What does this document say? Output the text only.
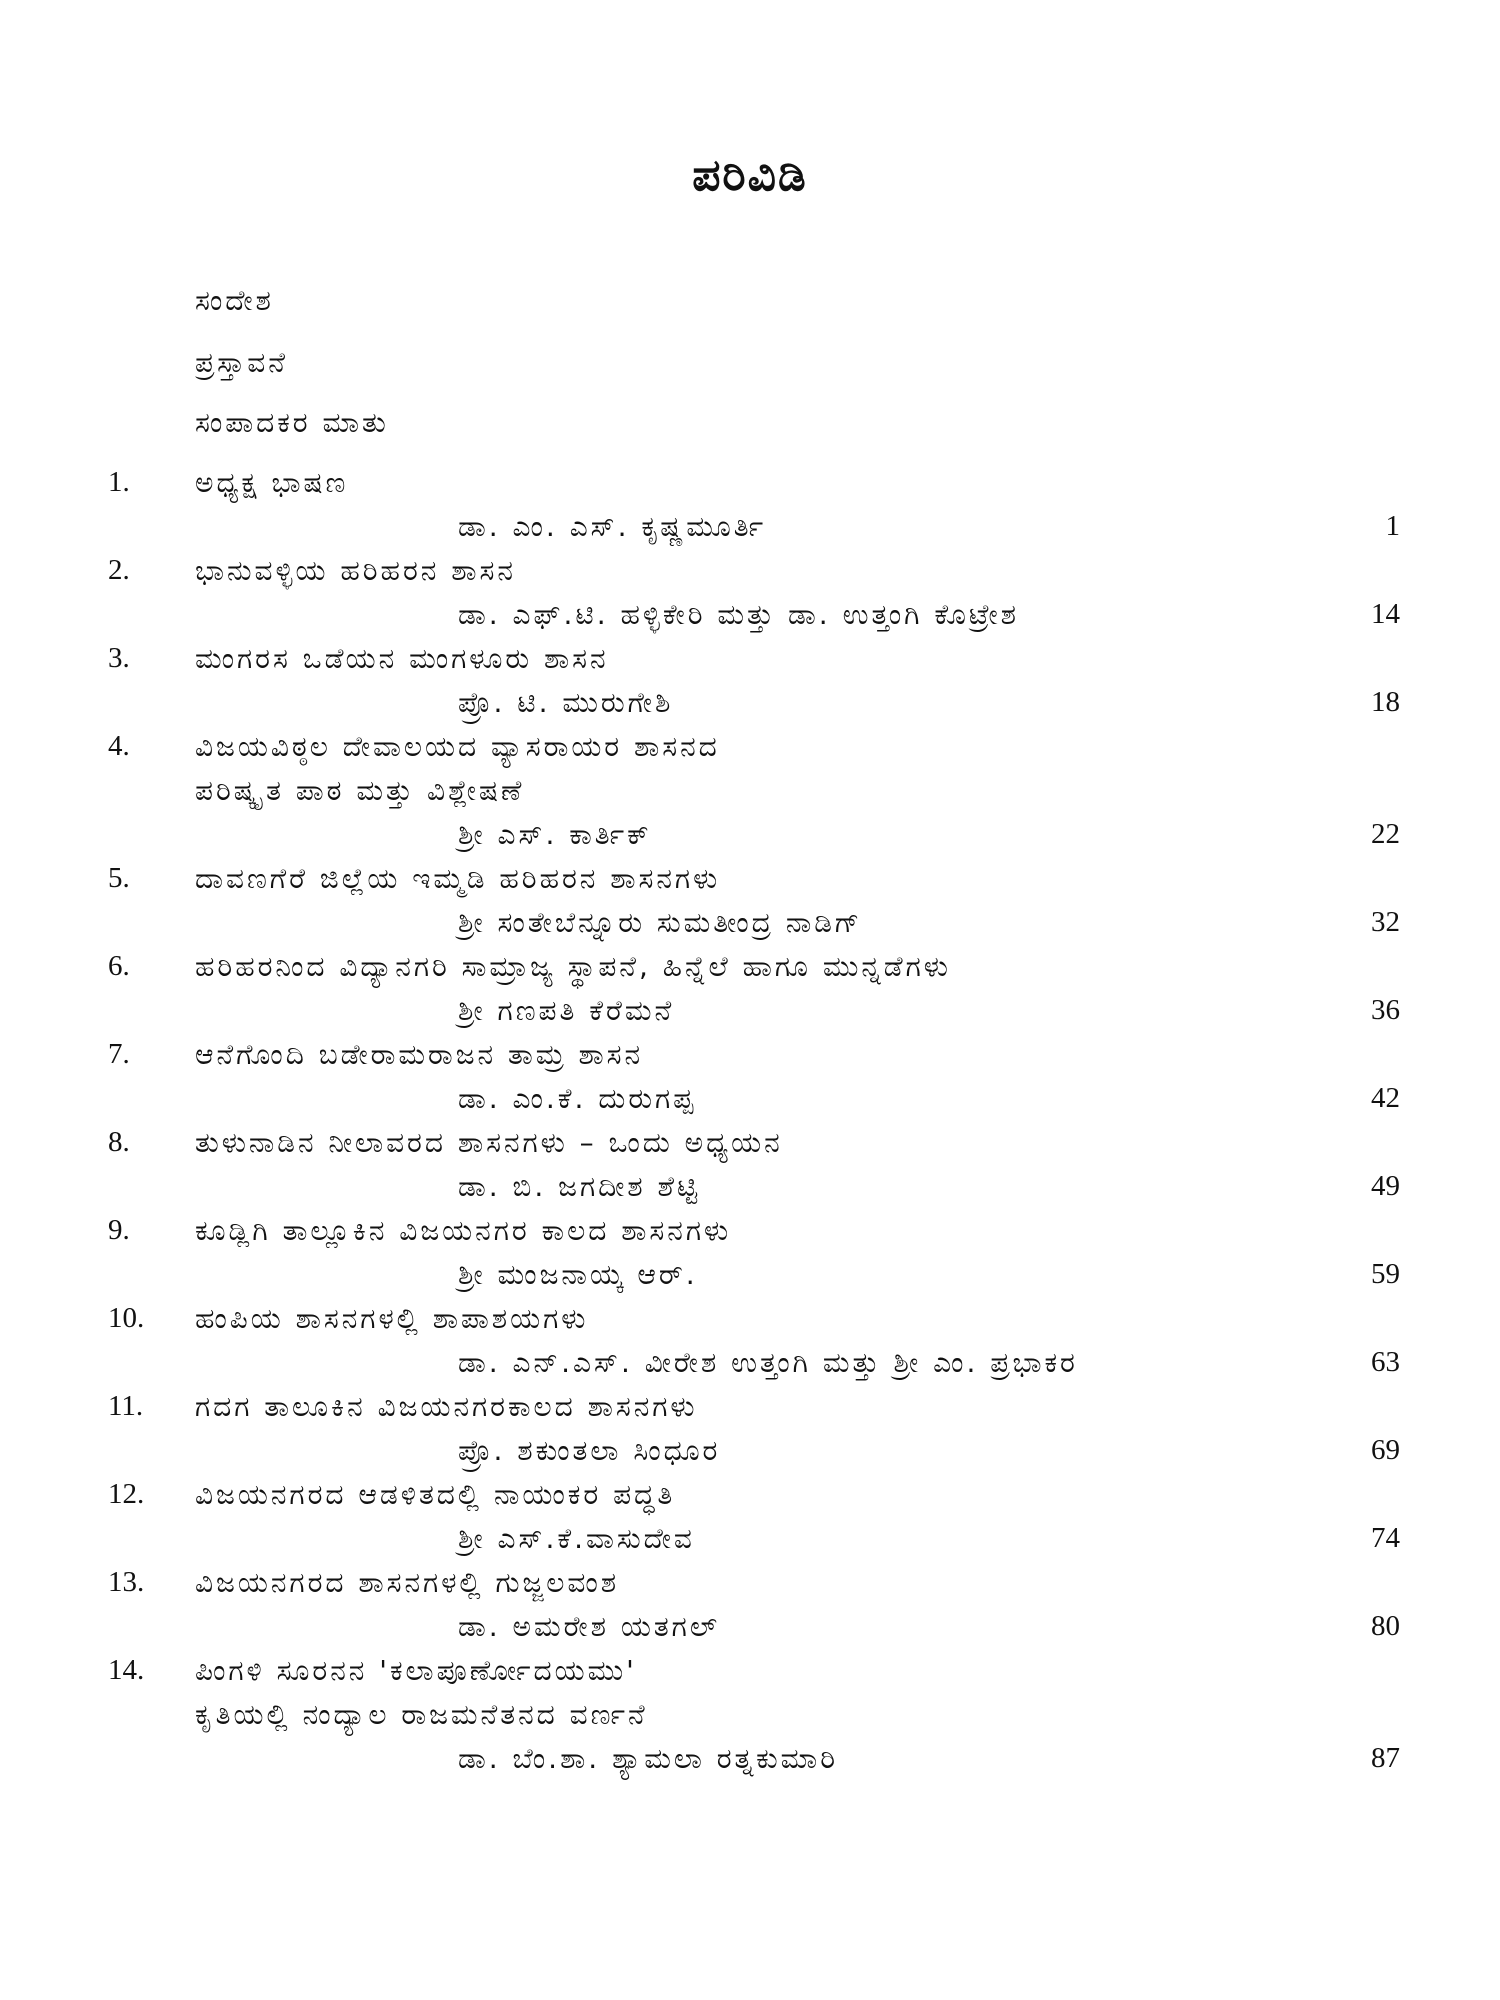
ಪರಿವಿಡಿ
ಸಂದೇಶ
ಪ್ರಸ್ತಾವನೆ
ಸಂಪಾದಕರ ಮಾತು
1. ಅಧ್ಯಕ್ಷ ಭಾಷಣ
ಡಾ. ಎಂ. ಎಸ್. ಕೃಷ್ಣಮೂರ್ತಿ	1
2. ಭಾನುವಳ್ಳಿಯ ಹರಿಹರನ ಶಾಸನ
ಡಾ. ಎಫ್.ಟಿ. ಹಳ್ಳಿಕೇರಿ ಮತ್ತು ಡಾ. ಉತ್ತಂಗಿ ಕೊಟ್ರೇಶ	14
3. ಮಂಗರಸ ಒಡೆಯನ ಮಂಗಳೂರು ಶಾಸನ
ಪ್ರೊ. ಟಿ. ಮುರುಗೇಶಿ	18
4. ವಿಜಯವಿಠ್ಠಲ ದೇವಾಲಯದ ವ್ಯಾಸರಾಯರ ಶಾಸನದ
ಪರಿಷ್ಕೃತ ಪಾಠ ಮತ್ತು ವಿಶ್ಲೇಷಣೆ
ಶ್ರೀ ಎಸ್. ಕಾರ್ತಿಕ್	22
5. ದಾವಣಗೆರೆ ಜಿಲ್ಲೆಯ ಇಮ್ಮಡಿ ಹರಿಹರನ ಶಾಸನಗಳು
ಶ್ರೀ ಸಂತೇಬೆನ್ನೂರು ಸುಮತೀಂದ್ರ ನಾಡಿಗ್	32
6. ಹರಿಹರನಿಂದ ವಿದ್ಯಾನಗರಿ ಸಾಮ್ರಾಜ್ಯ ಸ್ಥಾಪನೆ, ಹಿನ್ನೆಲೆ ಹಾಗೂ ಮುನ್ನಡೆಗಳು
ಶ್ರೀ ಗಣಪತಿ ಕೆರೆಮನೆ	36
7. ಆನೆಗೊಂದಿ ಬಡೇರಾಮರಾಜನ ತಾಮ್ರ ಶಾಸನ
ಡಾ. ಎಂ.ಕೆ. ದುರುಗಪ್ಪ	42
8. ತುಳುನಾಡಿನ ನೀಲಾವರದ ಶಾಸನಗಳು – ಒಂದು ಅಧ್ಯಯನ
ಡಾ. ಬಿ. ಜಗದೀಶ ಶೆಟ್ಟಿ	49
9. ಕೂಡ್ಲಿಗಿ ತಾಲ್ಲೂಕಿನ ವಿಜಯನಗರ ಕಾಲದ ಶಾಸನಗಳು
ಶ್ರೀ ಮಂಜನಾಯ್ಕ ಆರ್.	59
10. ಹಂಪಿಯ ಶಾಸನಗಳಲ್ಲಿ ಶಾಪಾಶಯಗಳು
ಡಾ. ಎನ್.ಎಸ್. ವೀರೇಶ ಉತ್ತಂಗಿ ಮತ್ತು ಶ್ರೀ ಎಂ. ಪ್ರಭಾಕರ	63
11. ಗದಗ ತಾಲೂಕಿನ ವಿಜಯನಗರಕಾಲದ ಶಾಸನಗಳು
ಪ್ರೊ. ಶಕುಂತಲಾ ಸಿಂಧೂರ	69
12. ವಿಜಯನಗರದ ಆಡಳಿತದಲ್ಲಿ ನಾಯಂಕರ ಪದ್ಧತಿ
ಶ್ರೀ ಎಸ್.ಕೆ.ವಾಸುದೇವ	74
13. ವಿಜಯನಗರದ ಶಾಸನಗಳಲ್ಲಿ ಗುಜ್ಜಲವಂಶ
ಡಾ. ಅಮರೇಶ ಯತಗಲ್	80
14. ಪಿಂಗಳಿ ಸೂರನನ 'ಕಲಾಪೂರ್ಣೋದಯಮು'
ಕೃತಿಯಲ್ಲಿ ನಂದ್ಯಾಲ ರಾಜಮನೆತನದ ವರ್ಣನೆ
ಡಾ. ಬೆಂ.ಶಾ. ಶ್ಯಾಮಲಾ ರತ್ನಕುಮಾರಿ	87
